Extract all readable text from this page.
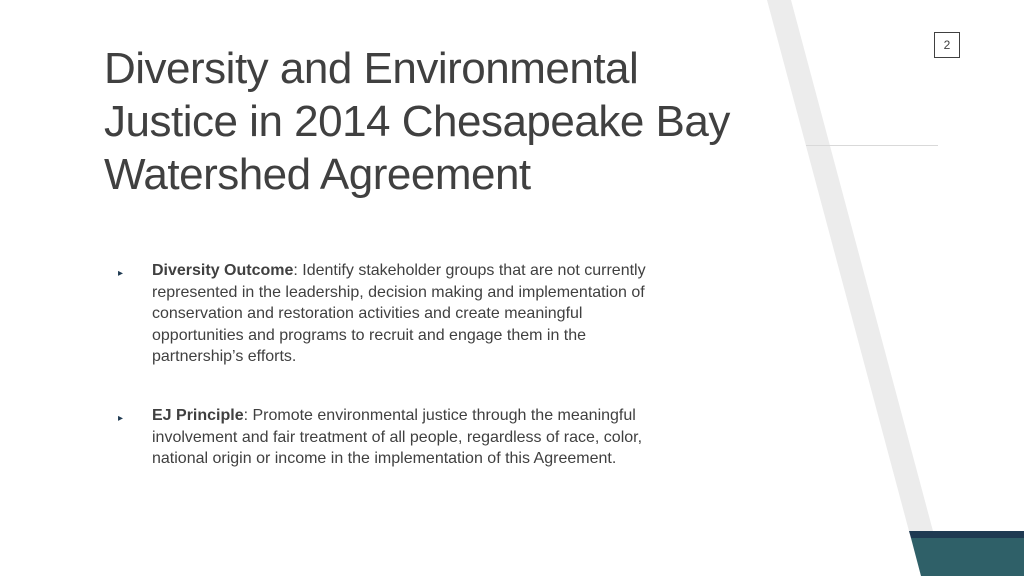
2
Diversity and Environmental Justice in 2014 Chesapeake Bay Watershed Agreement
▸ Diversity Outcome: Identify stakeholder groups that are not currently represented in the leadership, decision making and implementation of conservation and restoration activities and create meaningful opportunities and programs to recruit and engage them in the partnership’s efforts.
▸ EJ Principle: Promote environmental justice through the meaningful involvement and fair treatment of all people, regardless of race, color, national origin or income in the implementation of this Agreement.
